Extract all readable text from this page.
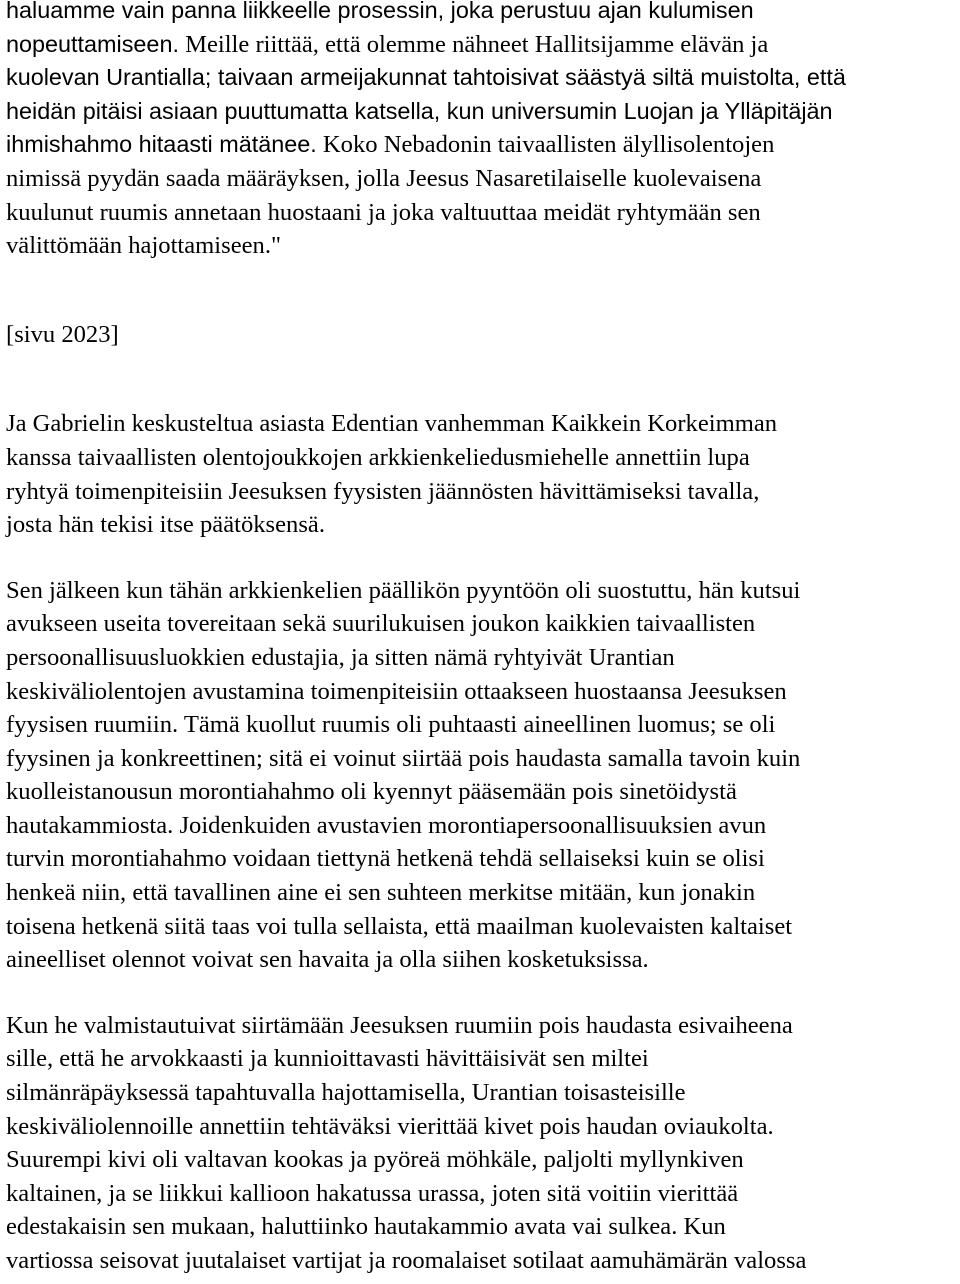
haluamme vain panna liikkeelle prosessin, joka perustuu ajan kulumisen
nopeuttamiseen. Meille riittää, että olemme nähneet Hallitsijamme elävän ja
kuolevan Urantialla; taivaan armeijakunnat tahtoisivat säästyä siltä muistolta, että
heidän pitäisi asiaan puuttumatta katsella, kun universumin Luojan ja Ylläpitäjän
ihmishahmo hitaasti mätänee. Koko Nebadonin taivaallisten älyllisolentojen
nimissä pyydän saada määräyksen, jolla Jeesus Nasaretilaiselle kuolevaisena
kuulunut ruumis annetaan huostaani ja joka valtuuttaa meidät ryhtymään sen
välittömään hajottamiseen."
[sivu 2023]
Ja Gabrielin keskusteltua asiasta Edentian vanhemman Kaikkein Korkeimman
kanssa taivaallisten olentojoukkojen arkkienkeliedusmiehelle annettiin lupa
ryhtyä toimenpiteisiin Jeesuksen fyysisten jäännösten hävittämiseksi tavalla,
josta hän tekisi itse päätöksensä.
Sen jälkeen kun tähän arkkienkelien päällikön pyyntöön oli suostuttu, hän kutsui
avukseen useita tovereitaan sekä suurilukuisen joukon kaikkien taivaallisten
persoonallisuusluokkien edustajia, ja sitten nämä ryhtyivät Urantian
keskiväliolentojen avustamina toimenpiteisiin ottaakseen huostaansa Jeesuksen
fyysisen ruumiin. Tämä kuollut ruumis oli puhtaasti aineellinen luomus; se oli
fyysinen ja konkreettinen; sitä ei voinut siirtää pois haudasta samalla tavoin kuin
kuolleistanousun morontiahahmo oli kyennyt pääsemään pois sinetöidystä
hautakammiosta. Joidenkuiden avustavien morontiapersoonallisuuksien avun
turvin morontiahahmo voidaan tiettynä hetkenä tehdä sellaiseksi kuin se olisi
henkeä niin, että tavallinen aine ei sen suhteen merkitse mitään, kun jonakin
toisena hetkenä siitä taas voi tulla sellaista, että maailman kuolevaisten kaltaiset
aineelliset olennot voivat sen havaita ja olla siihen kosketuksissa.
Kun he valmistautuivat siirtämään Jeesuksen ruumiin pois haudasta esivaiheena
sille, että he arvokkaasti ja kunnioittavasti hävittäisivät sen miltei
silmänräpäyksessä tapahtuvalla hajottamisella, Urantian toisasteisille
keskiväliolennoille annettiin tehtäväksi vierittää kivet pois haudan oviaukolta.
Suurempi kivi oli valtavan kookas ja pyöreä möhkäle, paljolti myllynkiven
kaltainen, ja se liikkui kallioon hakatussa urassa, joten sitä voitiin vierittää
edestakaisin sen mukaan, haluttiinko hautakammio avata vai sulkea. Kun
vartiossa seisovat juutalaiset vartijat ja roomalaiset sotilaat aamuhämärän valossa
